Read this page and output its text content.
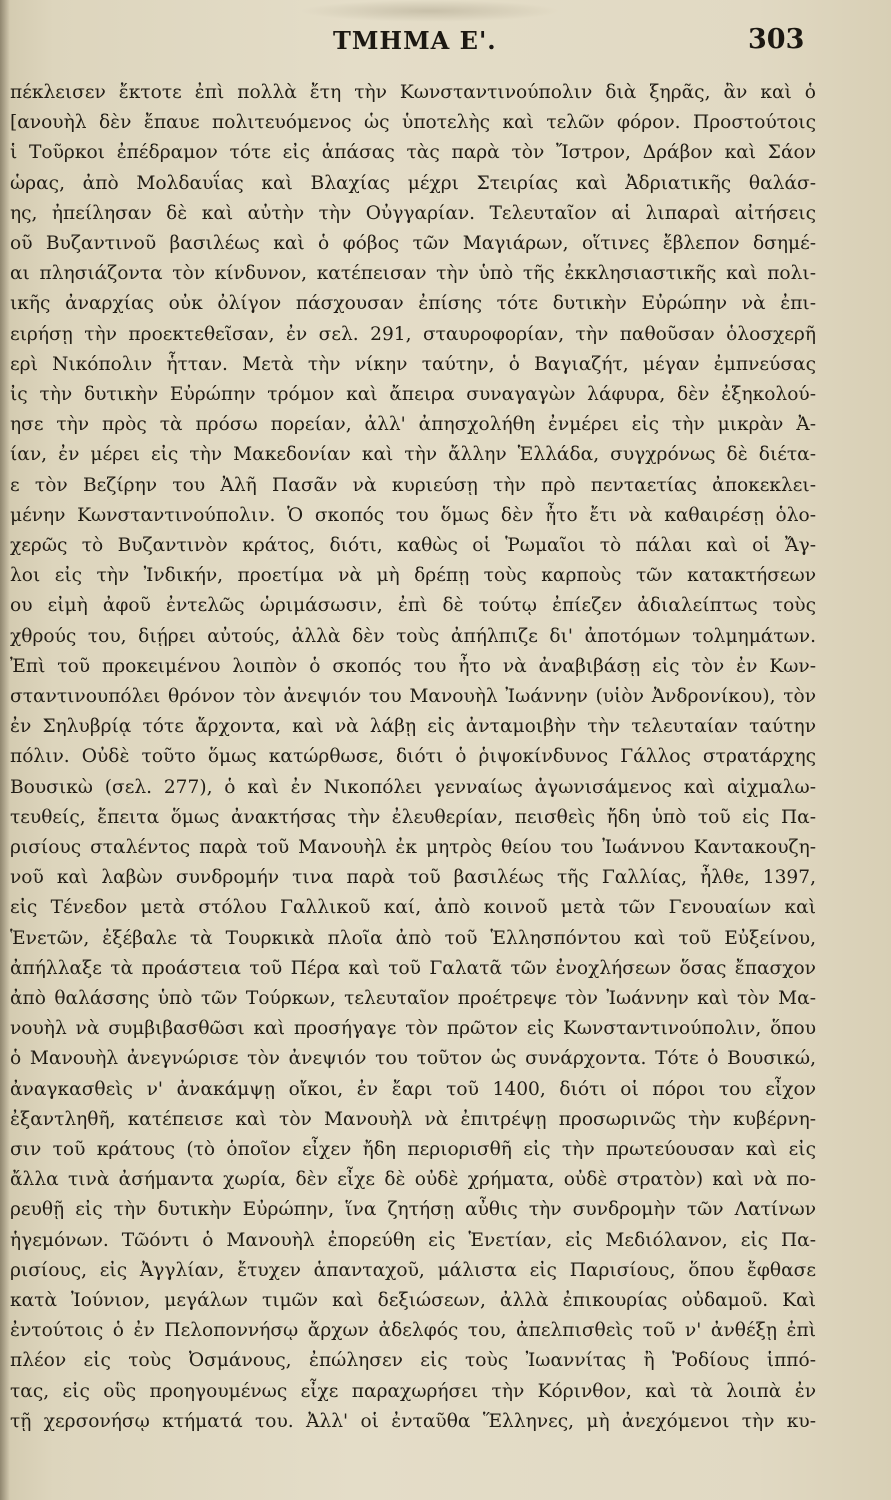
ΤΜΗΜΑ Ε'.	303
πέκλεισεν ἔκτοτε ἐπὶ πολλὰ ἔτη τὴν Κωνσταντινούπολιν διὰ ξηρᾶς, ἂν καὶ ὁ
[ανουὴλ δὲν ἔπαυε πολιτευόμενος ὡς ὑποτελὴς καὶ τελῶν φόρον. Προστούτοις
ἱ Τοῦρκοι ἐπέδραμον τότε εἰς ἁπάσας τὰς παρὰ τὸν Ἴστρον, Δράβον καὶ Σάον
ὡρας, ἀπὸ Μολδαυΐας καὶ Βλαχίας μέχρι Στειρίας καὶ Ἀδριατικῆς θαλάσ-
ης, ἠπείλησαν δὲ καὶ αὐτὴν τὴν Οὐγγαρίαν. Τελευταῖον αἱ λιπαραὶ αἰτήσεις
οῦ Βυζαντινοῦ βασιλέως καὶ ὁ φόβος τῶν Μαγιάρων, οἵτινες ἔβλεπον δσημέ-
αι πλησιάζοντα τὸν κίνδυνον, κατέπεισαν τὴν ὑπὸ τῆς ἐκκλησιαστικῆς καὶ πολι-
ικῆς ἀναρχίας οὐκ ὀλίγον πάσχουσαν ἐπίσης τότε δυτικὴν Εὐρώπην νὰ ἐπι-
ειρήσῃ τὴν προεκτεθεῖσαν, ἐν σελ. 291, σταυροφορίαν, τὴν παθοῦσαν ὁλοσχερῆ
ερὶ Νικόπολιν ἧτταν. Μετὰ τὴν νίκην ταύτην, ὁ Βαγιαζήτ, μέγαν ἐμπνεύσας
ἰς τὴν δυτικὴν Εὐρώπην τρόμον καὶ ἄπειρα συναγαγὼν λάφυρα, δὲν ἐξηκολού-
ησε τὴν πρὸς τὰ πρόσω πορείαν, ἀλλ' ἀπησχολήθη ἐνμέρει εἰς τὴν μικρὰν Ἀ-
ίαν, ἐν μέρει εἰς τὴν Μακεδονίαν καὶ τὴν ἄλλην Ἑλλάδα, συγχρόνως δὲ διέτα-
ε τὸν Βεζίρην του Ἀλῆ Πασᾶν νὰ κυριεύσῃ τὴν πρὸ πενταετίας ἀποκεκλει-
μένην Κωνσταντινούπολιν. Ὁ σκοπός του ὅμως δὲν ἦτο ἔτι νὰ καθαιρέσῃ ὁλο-
χερῶς τὸ Βυζαντινὸν κράτος, διότι, καθὼς οἱ Ῥωμαῖοι τὸ πάλαι καὶ οἱ Ἄγ-
λοι εἰς τὴν Ἰνδικήν, προετίμα νὰ μὴ δρέπῃ τοὺς καρποὺς τῶν κατακτήσεων
ου εἰμὴ ἀφοῦ ἐντελῶς ὡριμάσωσιν, ἐπὶ δὲ τούτῳ ἐπίεζεν ἀδιαλείπτως τοὺς
χθρούς του, διῄρει αὐτούς, ἀλλὰ δὲν τοὺς ἀπήλπιζε δι' ἀποτόμων τολμημάτων.
Ἐπὶ τοῦ προκειμένου λοιπὸν ὁ σκοπός του ἦτο νὰ ἀναβιβάσῃ εἰς τὸν ἐν Κων-
σταντινουπόλει θρόνον τὸν ἀνεψιόν του Μανουὴλ Ἰωάννην (υἱὸν Ἀνδρονίκου), τὸν
ἐν Σηλυβρίᾳ τότε ἄρχοντα, καὶ νὰ λάβῃ εἰς ἀνταμοιβὴν τὴν τελευταίαν ταύτην
πόλιν. Οὐδὲ τοῦτο ὅμως κατώρθωσε, διότι ὁ ῥιψοκίνδυνος Γάλλος στρατάρχης
Βουσικὼ (σελ. 277), ὁ καὶ ἐν Νικοπόλει γενναίως ἀγωνισάμενος καὶ αἰχμαλω-
τευθείς, ἔπειτα ὅμως ἀνακτήσας τὴν ἐλευθερίαν, πεισθεὶς ἤδη ὑπὸ τοῦ εἰς Πα-
ρισίους σταλέντος παρὰ τοῦ Μανουὴλ ἐκ μητρὸς θείου του Ἰωάννου Καντακουζη-
νοῦ καὶ λαβὼν συνδρομήν τινα παρὰ τοῦ βασιλέως τῆς Γαλλίας, ἦλθε, 1397,
εἰς Τένεδον μετὰ στόλου Γαλλικοῦ καί, ἀπὸ κοινοῦ μετὰ τῶν Γενουαίων καὶ
Ἑνετῶν, ἐξέβαλε τὰ Τουρκικὰ πλοῖα ἀπὸ τοῦ Ἑλλησπόντου καὶ τοῦ Εὐξείνου,
ἀπήλλαξε τὰ προάστεια τοῦ Πέρα καὶ τοῦ Γαλατᾶ τῶν ἐνοχλήσεων ὅσας ἔπασχον
ἀπὸ θαλάσσης ὑπὸ τῶν Τούρκων, τελευταῖον προέτρεψε τὸν Ἰωάννην καὶ τὸν Μα-
νουὴλ νὰ συμβιβασθῶσι καὶ προσήγαγε τὸν πρῶτον εἰς Κωνσταντινούπολιν, ὅπου
ὁ Μανουὴλ ἀνεγνώρισε τὸν ἀνεψιόν του τοῦτον ὡς συνάρχοντα. Τότε ὁ Βουσικώ,
ἀναγκασθεὶς ν' ἀνακάμψῃ οἴκοι, ἐν ἔαρι τοῦ 1400, διότι οἱ πόροι του εἶχον
ἐξαντληθῆ, κατέπεισε καὶ τὸν Μανουὴλ νὰ ἐπιτρέψῃ προσωρινῶς τὴν κυβέρνη-
σιν τοῦ κράτους (τὸ ὁποῖον εἶχεν ἤδη περιορισθῆ εἰς τὴν πρωτεύουσαν καὶ εἰς
ἄλλα τινὰ ἀσήμαντα χωρία, δὲν εἶχε δὲ οὐδὲ χρήματα, οὐδὲ στρατὸν) καὶ νὰ πο-
ρευθῇ εἰς τὴν δυτικὴν Εὐρώπην, ἵνα ζητήσῃ αὖθις τὴν συνδρομὴν τῶν Λατίνων
ἡγεμόνων. Τῶόντι ὁ Μανουὴλ ἐπορεύθη εἰς Ἑνετίαν, εἰς Μεδιόλανον, εἰς Πα-
ρισίους, εἰς Ἀγγλίαν, ἔτυχεν ἁπανταχοῦ, μάλιστα εἰς Παρισίους, ὅπου ἔφθασε
κατὰ Ἰούνιον, μεγάλων τιμῶν καὶ δεξιώσεων, ἀλλὰ ἐπικουρίας οὐδαμοῦ. Καὶ
ἐντούτοις ὁ ἐν Πελοποννήσῳ ἄρχων ἀδελφός του, ἀπελπισθεὶς τοῦ ν' ἀνθέξῃ ἐπὶ
πλέον εἰς τοὺς Ὀσμάνους, ἐπώλησεν εἰς τοὺς Ἰωαννίτας ἢ Ῥοδίους ἱππό-
τας, εἰς οὓς προηγουμένως εἶχε παραχωρήσει τὴν Κόρινθον, καὶ τὰ λοιπὰ ἐν
τῇ χερσονήσῳ κτήματά του. Ἀλλ' οἱ ἐνταῦθα Ἕλληνες, μὴ ἀνεχόμενοι τὴν κυ-
